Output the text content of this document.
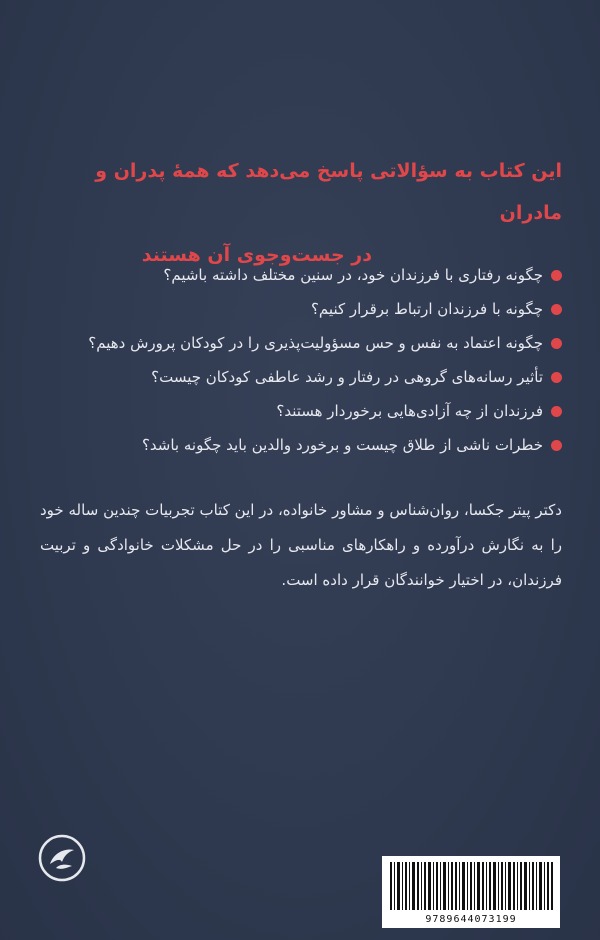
این کتاب به سؤالاتی پاسخ می‌دهد که همهٔ پدران و مادران
در جست‌وجوی آن هستند
چگونه رفتاری با فرزندان خود، در سنین مختلف داشته باشیم؟
چگونه با فرزندان ارتباط برقرار کنیم؟
چگونه اعتماد به نفس و حس مسؤولیت‌پذیری را در کودکان پرورش دهیم؟
تأثیر رسانه‌های گروهی در رفتار و رشد عاطفی کودکان چیست؟
فرزندان از چه آزادی‌هایی برخوردار هستند؟
خطرات ناشی از طلاق چیست و برخورد والدین باید چگونه باشد؟

دکتر پیتر جکسا، روان‌شناس و مشاور خانواده، در این کتاب تجربیات چندین ساله خود را به نگارش درآورده و راهکارهای مناسبی را در حل مشکلات خانوادگی و تربیت فرزندان، در اختیار خوانندگان قرار داده است.

9789644073199
